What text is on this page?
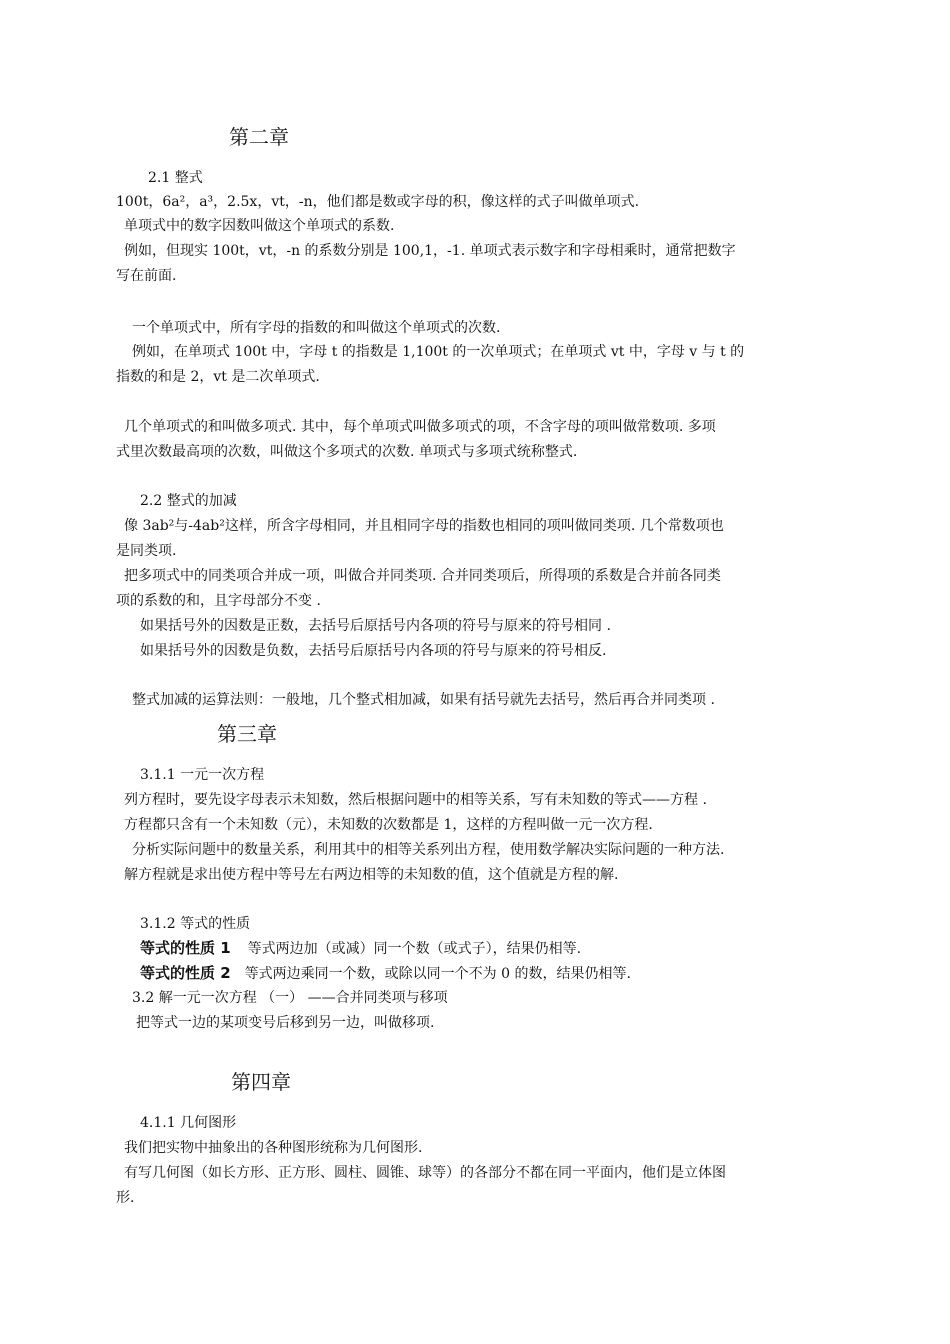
第二章
2.1 整式
100t，6a²，a³，2.5x，vt，-n，他们都是数或字母的积，像这样的式子叫做单项式.
单项式中的数字因数叫做这个单项式的系数.
例如，但现实 100t，vt，-n 的系数分别是 100,1，-1. 单项式表示数字和字母相乘时，通常把数字
写在前面.
一个单项式中，所有字母的指数的和叫做这个单项式的次数.
例如，在单项式 100t 中，字母 t 的指数是 1,100t 的一次单项式；在单项式 vt 中，字母 v 与 t 的
指数的和是 2，vt 是二次单项式.
几个单项式的和叫做多项式. 其中，每个单项式叫做多项式的项，不含字母的项叫做常数项. 多项
式里次数最高项的次数，叫做这个多项式的次数. 单项式与多项式统称整式.
2.2 整式的加减
像 3ab²与-4ab²这样，所含字母相同，并且相同字母的指数也相同的项叫做同类项. 几个常数项也
是同类项.
把多项式中的同类项合并成一项，叫做合并同类项. 合并同类项后，所得项的系数是合并前各同类
项的系数的和，且字母部分不变 .
如果括号外的因数是正数，去括号后原括号内各项的符号与原来的符号相同 .
如果括号外的因数是负数，去括号后原括号内各项的符号与原来的符号相反.
整式加减的运算法则：一般地，几个整式相加减，如果有括号就先去括号，然后再合并同类项 .
第三章
3.1.1 一元一次方程
列方程时，要先设字母表示未知数，然后根据问题中的相等关系，写有未知数的等式——方程 .
方程都只含有一个未知数（元），未知数的次数都是 1，这样的方程叫做一元一次方程.
分析实际问题中的数量关系，利用其中的相等关系列出方程，使用数学解决实际问题的一种方法.
解方程就是求出使方程中等号左右两边相等的未知数的值，这个值就是方程的解.
3.1.2 等式的性质
等式的性质 1 等式两边加（或减）同一个数（或式子），结果仍相等.
等式的性质 2 等式两边乘同一个数，或除以同一个不为 0 的数，结果仍相等.
3.2 解一元一次方程 （一） ——合并同类项与移项
把等式一边的某项变号后移到另一边，叫做移项.
第四章
4.1.1 几何图形
我们把实物中抽象出的各种图形统称为几何图形.
有写几何图（如长方形、正方形、圆柱、圆锥、球等）的各部分不都在同一平面内，他们是立体图
形.
